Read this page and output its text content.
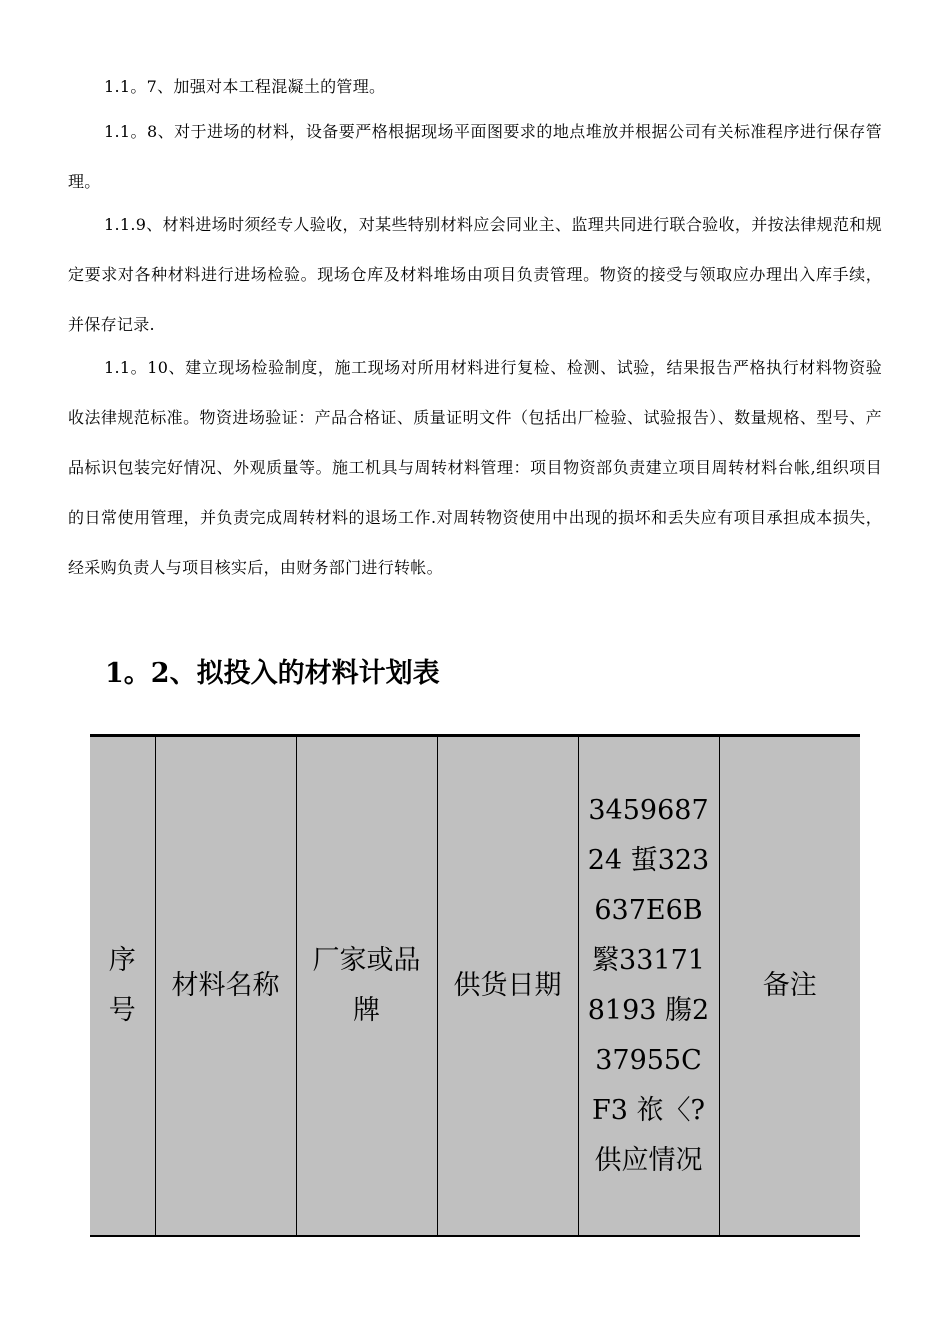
1.1。7、加强对本工程混凝土的管理。

1.1。8、对于进场的材料，设备要严格根据现场平面图要求的地点堆放并根据公司有关标准程序进行保存管理。

1.1.9、材料进场时须经专人验收，对某些特别材料应会同业主、监理共同进行联合验收，并按法律规范和规定要求对各种材料进行进场检验。现场仓库及材料堆场由项目负责管理。物资的接受与领取应办理出入库手续，并保存记录.

1.1。10、建立现场检验制度，施工现场对所用材料进行复检、检测、试验，结果报告严格执行材料物资验收法律规范标准。物资进场验证：产品合格证、质量证明文件（包括出厂检验、试验报告）、数量规格、型号、产品标识包装完好情况、外观质量等。施工机具与周转材料管理：项目物资部负责建立项目周转材料台帐,组织项目的日常使用管理，并负责完成周转材料的退场工作.对周转物资使用中出现的损坏和丢失应有项目承担成本损失，经采购负责人与项目核实后，由财务部门进行转帐。

1。2、拟投入的材料计划表
序号	材料名称	厂家或品牌	供货日期	345968724 蜇323637E6B 繄331718193 膓237955CF3 祣〈?供应情况	备注
